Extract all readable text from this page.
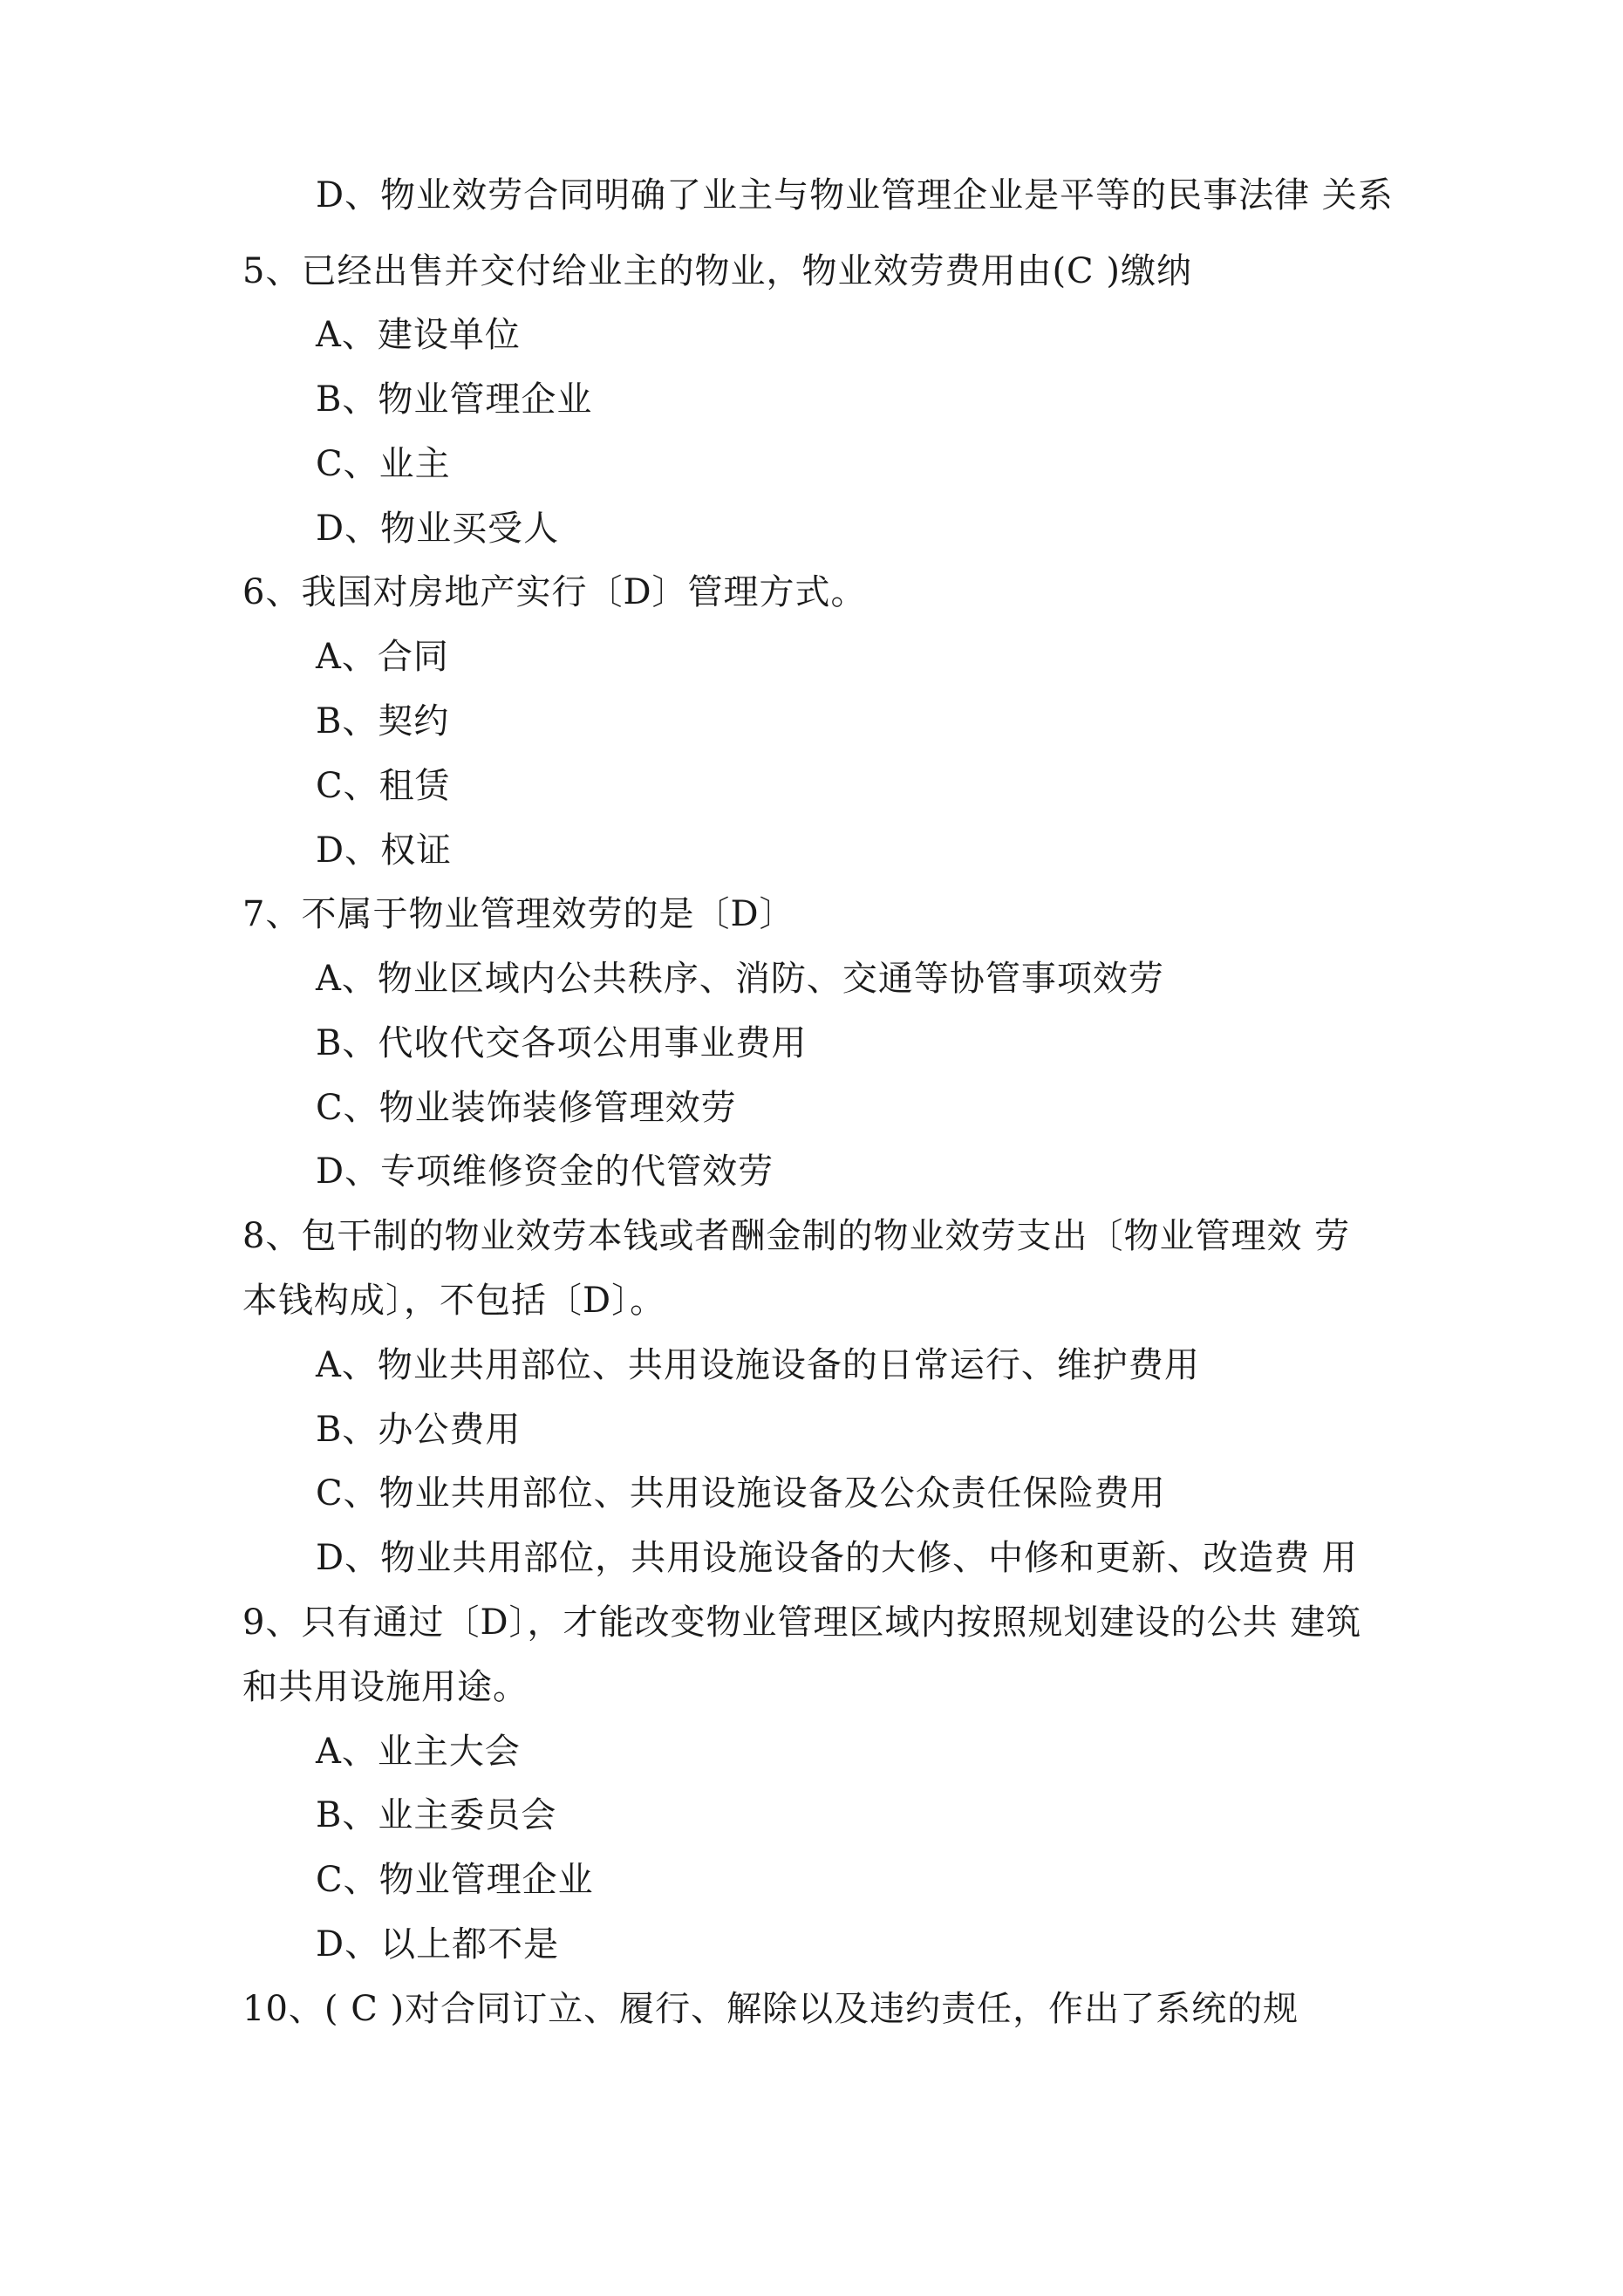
D、物业效劳合同明确了业主与物业管理企业是平等的民事法律 关系
5、已经出售并交付给业主的物业，物业效劳费用由(C )缴纳
A、建设单位
B、物业管理企业
C、业主
D、物业买受人
6、我国对房地产实行〔D〕管理方式。
A、合同
B、契约
C、租赁
D、权证
7、不属于物业管理效劳的是〔D〕
A、物业区域内公共秩序、消防、交通等协管事项效劳
B、代收代交各项公用事业费用
C、物业装饰装修管理效劳
D、专项维修资金的代管效劳
8、包干制的物业效劳本钱或者酬金制的物业效劳支出〔物业管理效 劳
本钱构成〕，不包括〔D〕。
A、物业共用部位、共用设施设备的日常运行、维护费用
B、办公费用
C、物业共用部位、共用设施设备及公众责任保险费用
D、物业共用部位，共用设施设备的大修、中修和更新、改造费 用
9、只有通过〔D〕，才能改变物业管理区域内按照规划建设的公共 建筑
和共用设施用途。
A、业主大会
B、业主委员会
C、物业管理企业
D、以上都不是
10、( C )对合同订立、履行、解除以及违约责任，作出了系统的规
